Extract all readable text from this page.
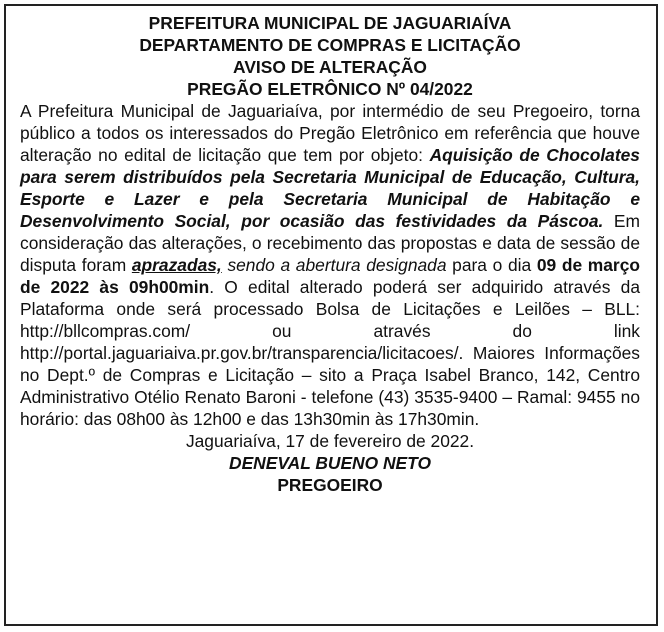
PREFEITURA MUNICIPAL DE JAGUARIAÍVA
DEPARTAMENTO DE COMPRAS E LICITAÇÃO
AVISO DE ALTERAÇÃO
PREGÃO ELETRÔNICO Nº 04/2022

A Prefeitura Municipal de Jaguariaíva, por intermédio de seu Pregoeiro, torna público a todos os interessados do Pregão Eletrônico em referência que houve alteração no edital de licitação que tem por objeto: Aquisição de Chocolates para serem distribuídos pela Secretaria Municipal de Educação, Cultura, Esporte e Lazer e pela Secretaria Municipal de Habitação e Desenvolvimento Social, por ocasião das festividades da Páscoa. Em consideração das alterações, o recebimento das propostas e data de sessão de disputa foram aprazadas, sendo a abertura designada para o dia 09 de março de 2022 às 09h00min. O edital alterado poderá ser adquirido através da Plataforma onde será processado Bolsa de Licitações e Leilões – BLL: http://bllcompras.com/ ou através do link http://portal.jaguariaiva.pr.gov.br/transparencia/licitacoes/. Maiores Informações no Dept.º de Compras e Licitação – sito a Praça Isabel Branco, 142, Centro Administrativo Otélio Renato Baroni - telefone (43) 3535-9400 – Ramal: 9455 no horário: das 08h00 às 12h00 e das 13h30min às 17h30min.

Jaguariaíva, 17 de fevereiro de 2022.
DENEVAL BUENO NETO
PREGOEIRO
